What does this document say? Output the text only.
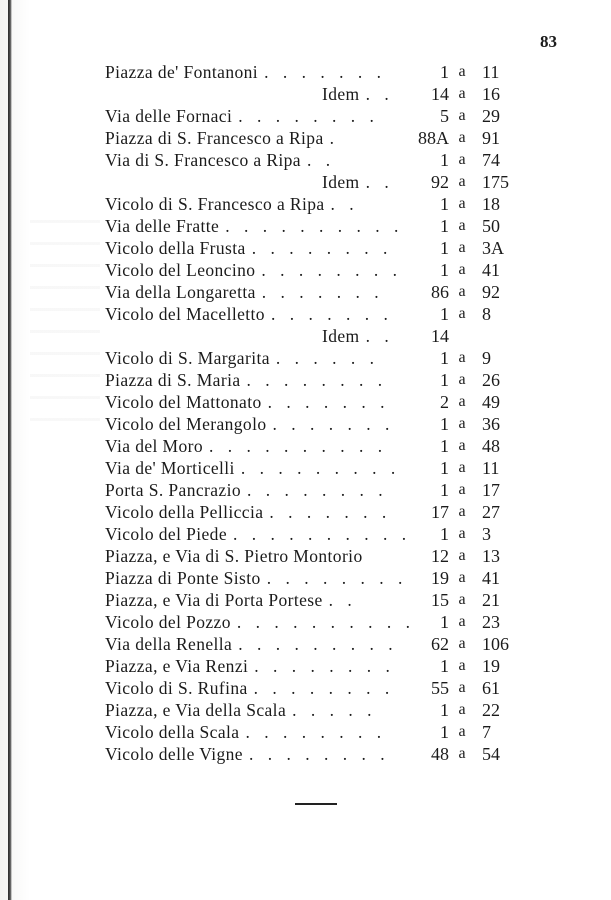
83
Piazza de' Fontanoni . . . . . . .	1 a 11
Idem . .	14 a 16
Via delle Fornaci . . . . . . . .	5 a 29
Piazza di S. Francesco a Ripa .	88A a 91
Via di S. Francesco a Ripa . .	1 a 74
Idem . .	92 a 175
Vicolo di S. Francesco a Ripa . .	1 a 18
Via delle Fratte . . . . . . . . . . 1 a 50
Vicolo della Frusta . . . . . . . .	1 a 3A
Vicolo del Leoncino . . . . . . . . 1 a 41
Via della Longaretta . . . . . . .	86 a 92
Vicolo del Macelletto . . . . . . .	1 a 8
Idem . .	14
Vicolo di S. Margarita . . . . . .	1 a 9
Piazza di S. Maria . . . . . . . .	1 a 26
Vicolo del Mattonato . . . . . . .	2 a 49
Vicolo del Merangolo . . . . . . .	1 a 36
Via del Moro . . . . . . . . . .	1 a 48
Via de' Morticelli . . . . . . . . . 1 a 11
Porta S. Pancrazio . . . . . . . .	1 a 17
Vicolo della Pelliccia . . . . . . . 17 a 27
Vicolo del Piede . . . . . . . . . . 1 a 3
Piazza, e Via di S. Pietro Montorio	12 a 13
Piazza di Ponte Sisto . . . . . . . . 19 a 41
Piazza, e Via di Porta Portese . .	15 a 21
Vicolo del Pozzo . . . . . . . . . . 1 a 23
Via della Renella . . . . . . . . . 62 a 106
Piazza, e Via Renzi . . . . . . . .	1 a 19
Vicolo di S. Rufina . . . . . . . . 55 a 61
Piazza, e Via della Scala . . . . .	1 a 22
Vicolo della Scala . . . . . . . .	1 a 7
Vicolo delle Vigne . . . . . . . . 48 a 54
